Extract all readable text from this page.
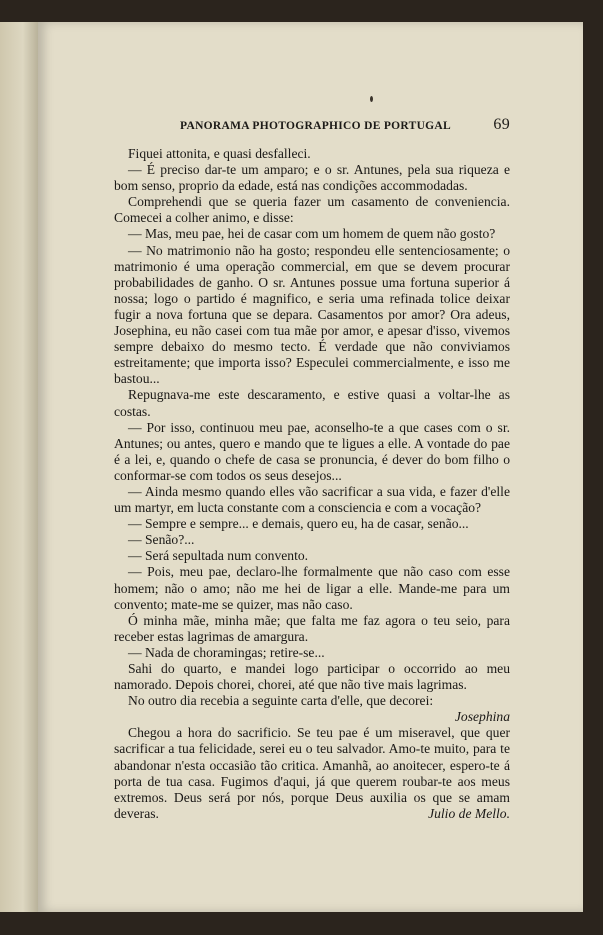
PANORAMA PHOTOGRAPHICO DE PORTUGAL	69

Fiquei attonita, e quasi desfalleci.

— É preciso dar-te um amparo; e o sr. Antunes, pela sua riqueza e bom senso, proprio da edade, está nas condições accommodadas.

Comprehendi que se queria fazer um casamento de conveniencia. Comecei a colher animo, e disse:

— Mas, meu pae, hei de casar com um homem de quem não gosto?

— No matrimonio não ha gosto; respondeu elle sentenciosamente; o matrimonio é uma operação commercial, em que se devem procurar probabilidades de ganho. O sr. Antunes possue uma fortuna superior á nossa; logo o partido é magnifico, e seria uma refinada tolice deixar fugir a nova fortuna que se depara. Casamentos por amor? Ora adeus, Josephina, eu não casei com tua mãe por amor, e apesar d'isso, vivemos sempre debaixo do mesmo tecto. É verdade que não conviviamos estreitamente; que importa isso? Especulei commercialmente, e isso me bastou...

Repugnava-me este descaramento, e estive quasi a voltar-lhe as costas.

— Por isso, continuou meu pae, aconselho-te a que cases com o sr. Antunes; ou antes, quero e mando que te ligues a elle. A vontade do pae é a lei, e, quando o chefe de casa se pronuncia, é dever do bom filho o conformar-se com todos os seus desejos...

— Ainda mesmo quando elles vão sacrificar a sua vida, e fazer d'elle um martyr, em lucta constante com a consciencia e com a vocação?

— Sempre e sempre... e demais, quero eu, ha de casar, senão...

— Senão?...

— Será sepultada num convento.

— Pois, meu pae, declaro-lhe formalmente que não caso com esse homem; não o amo; não me hei de ligar a elle. Mande-me para um convento; mate-me se quizer, mas não caso.

Ó minha mãe, minha mãe; que falta me faz agora o teu seio, para receber estas lagrimas de amargura.

— Nada de choramingas; retire-se...

Sahi do quarto, e mandei logo participar o occorrido ao meu namorado. Depois chorei, chorei, até que não tive mais lagrimas.

No outro dia recebia a seguinte carta d'elle, que decorei:

Josephina

Chegou a hora do sacrificio. Se teu pae é um miseravel, que quer sacrificar a tua felicidade, serei eu o teu salvador. Amo-te muito, para te abandonar n'esta occasião tão critica. Amanhã, ao anoitecer, espero-te á porta de tua casa. Fugimos d'aqui, já que querem roubar-te aos meus extremos. Deus será por nós, porque Deus auxilia os que se amam deveras.	Julio de Mello.
